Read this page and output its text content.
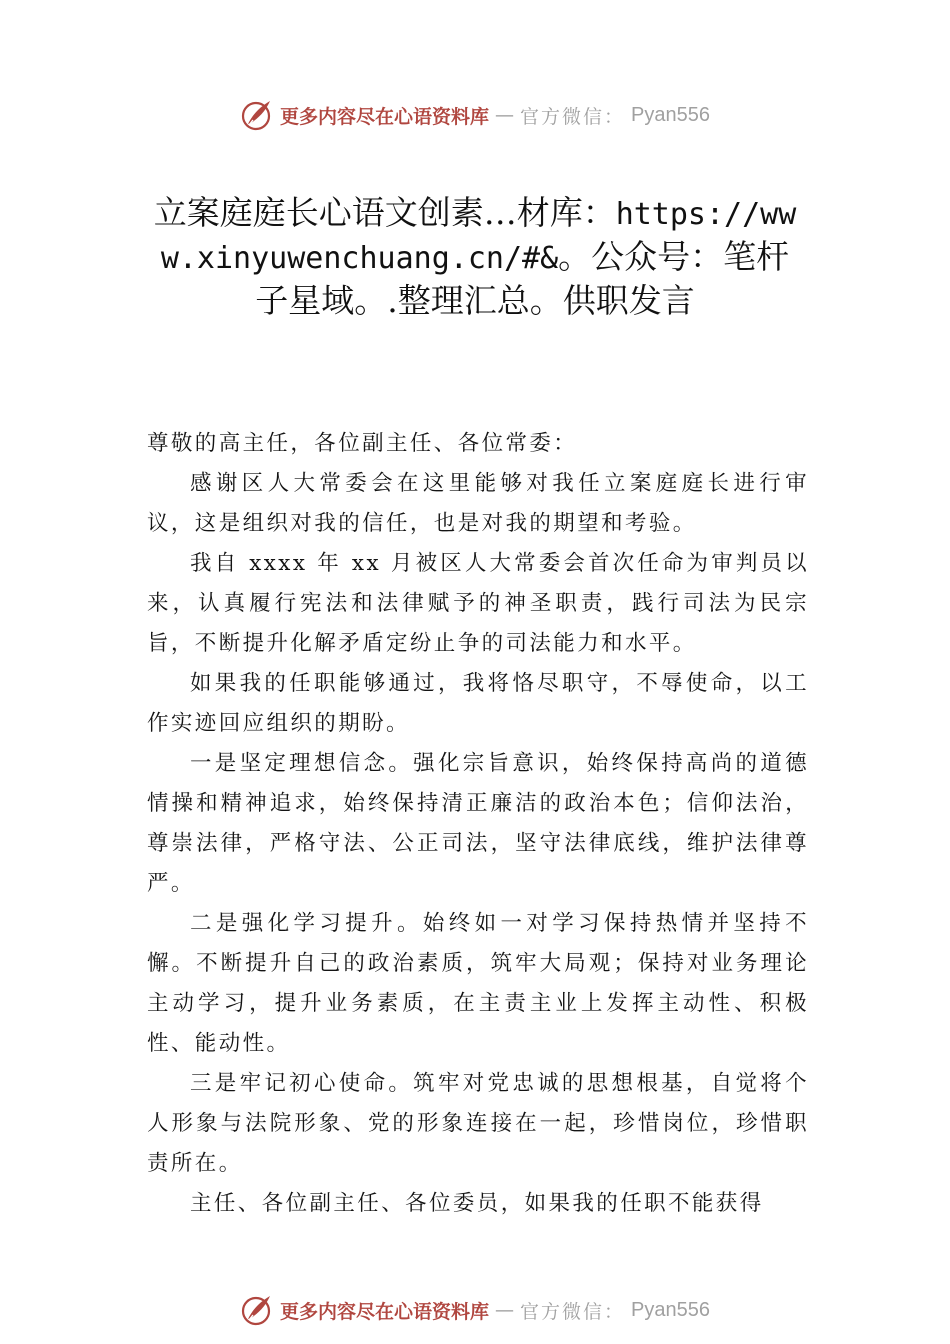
更多内容尽在心语资料库 — 官方微信： Pyan556
立案庭庭长心语文创素…材库：https://www.xinyuwenchuang.cn/#&。公众号：笔杆子星域。.整理汇总。供职发言

尊敬的高主任，各位副主任、各位常委：

感谢区人大常委会在这里能够对我任立案庭庭长进行审议，这是组织对我的信任，也是对我的期望和考验。

我自 xxxx 年 xx 月被区人大常委会首次任命为审判员以来，认真履行宪法和法律赋予的神圣职责，践行司法为民宗旨，不断提升化解矛盾定纷止争的司法能力和水平。

如果我的任职能够通过，我将恪尽职守，不辱使命，以工作实迹回应组织的期盼。

一是坚定理想信念。强化宗旨意识，始终保持高尚的道德情操和精神追求，始终保持清正廉洁的政治本色；信仰法治，尊崇法律，严格守法、公正司法，坚守法律底线，维护法律尊严。

二是强化学习提升。始终如一对学习保持热情并坚持不懈。不断提升自己的政治素质，筑牢大局观；保持对业务理论主动学习，提升业务素质，在主责主业上发挥主动性、积极性、能动性。

三是牢记初心使命。筑牢对党忠诚的思想根基，自觉将个人形象与法院形象、党的形象连接在一起，珍惜岗位，珍惜职责所在。

主任、各位副主任、各位委员，如果我的任职不能获得

更多内容尽在心语资料库 — 官方微信： Pyan556
